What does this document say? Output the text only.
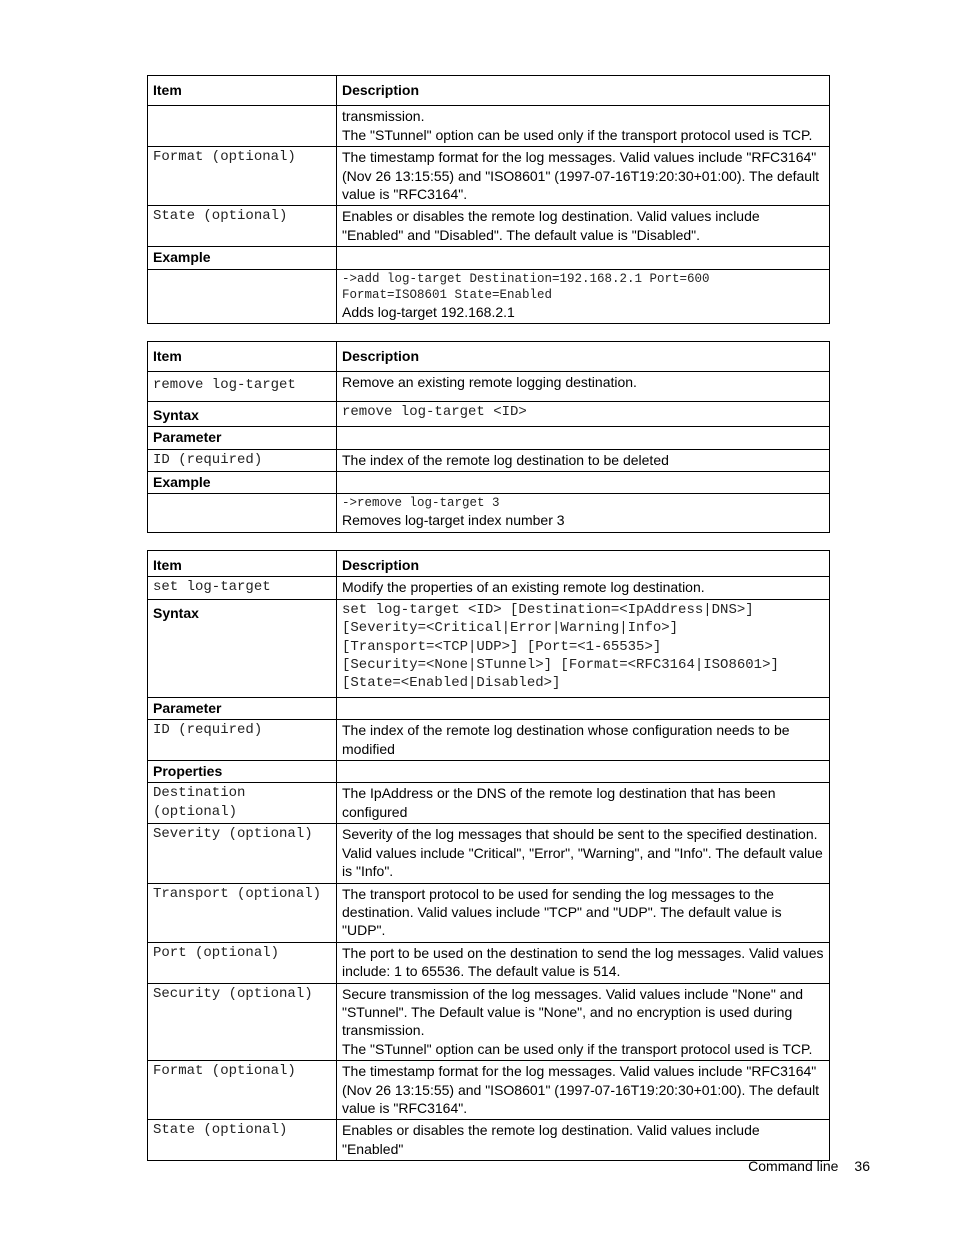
Item	Description

	transmission.
The "STunnel" option can be used only if the transport protocol used is TCP.

Format (optional)	The timestamp format for the log messages. Valid values include "RFC3164" (Nov 26 13:15:55) and "ISO8601" (1997-07-16T19:20:30+01:00). The default value is "RFC3164".
State (optional)	Enables or disables the remote log destination. Valid values include "Enabled" and "Disabled". The default value is "Disabled".
Example	

	->add log-target Destination=192.168.2.1 Port=600
Format=ISO8601 State=Enabled
Adds log-target 192.168.2.1
Item	Description
remove log-target	Remove an existing remote logging destination.
Syntax	remove log-target <ID>
Parameter	
ID (required)	The index of the remote log destination to be deleted
Example	

	->remove log-target 3
Removes log-target index number 3
Item	Description
set log-target	Modify the properties of an existing remote log destination.
Syntax	set log-target <ID> [Destination=<IpAddress|DNS>]
[Severity=<Critical|Error|Warning|Info>]
[Transport=<TCP|UDP>] [Port=<1-65535>]
[Security=<None|STunnel>] [Format=<RFC3164|ISO8601>]
[State=<Enabled|Disabled>]

Parameter	
ID (required)	The index of the remote log destination whose configuration needs to be modified
Properties	
Destination (optional)	The IpAddress or the DNS of the remote log destination that has been configured
Severity (optional)	Severity of the log messages that should be sent to the specified destination. Valid values include "Critical", "Error", "Warning", and "Info". The default value is "Info".
Transport (optional)	The transport protocol to be used for sending the log messages to the destination. Valid values include "TCP" and "UDP". The default value is "UDP".
Port (optional)	The port to be used on the destination to send the log messages. Valid values include: 1 to 65536. The default value is 514.
Security (optional)	Secure transmission of the log messages. Valid values include "None" and "STunnel". The Default value is "None", and no encryption is used during transmission.
The "STunnel" option can be used only if the transport protocol used is TCP.

Format (optional)	The timestamp format for the log messages. Valid values include "RFC3164" (Nov 26 13:15:55) and "ISO8601" (1997-07-16T19:20:30+01:00). The default value is "RFC3164".
State (optional)	Enables or disables the remote log destination. Valid values include "Enabled"
Command line 36
